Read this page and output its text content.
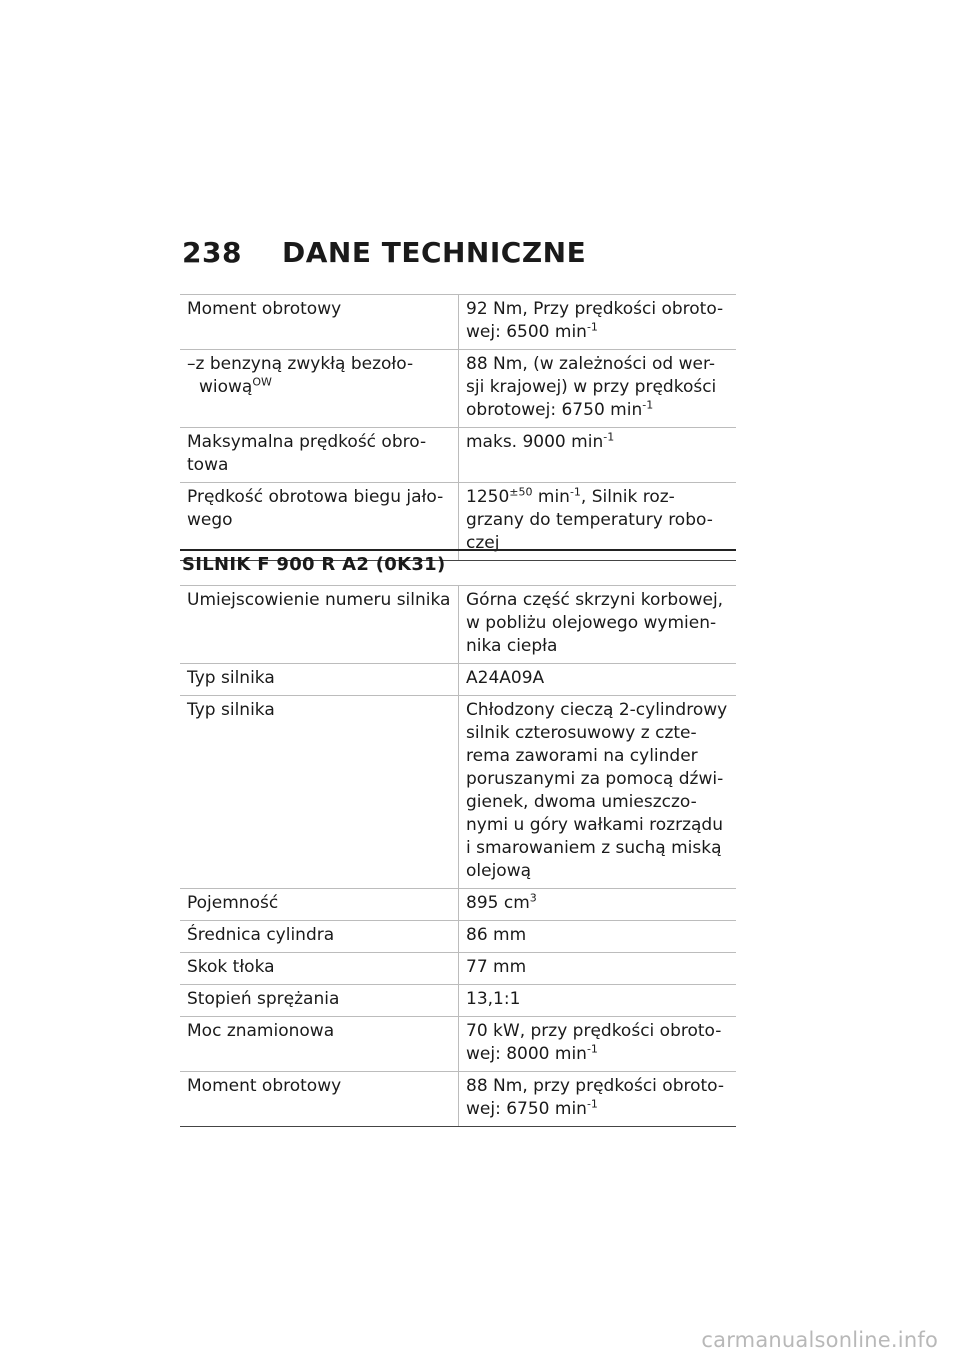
238	DANE TECHNICZNE
Moment obrotowy	92 Nm, Przy prędkości obroto-wej: 6500 $\min^{-1}$

–z benzyną zwykłą bezoło-wiową$^{OW}$	88 Nm, (w zależności od wer-sji krajowej) w przy prędkości obrotowej: 6750 $\min^{-1}$
Maksymalna prędkość obro-towa	maks. 9000 $\min^{-1}$
Prędkość obrotowa biegu jało-wego	$1250^{\pm 50}$ $\min^{-1}$, Silnik roz-grzany do temperatury robo-czej
SILNIK F 900 R A2 (0K31)
Umiejscowienie numeru silnika	Górna część skrzyni korbowej, w pobliżu olejowego wymien-nika ciepła
Typ silnika	A24A09A
Typ silnika	Chłodzony cieczą 2-cylindrowy silnik czterosuwowy z czte-rema zaworami na cylinder poruszanymi za pomocą dźwi-gienek, dwoma umieszczo-nymi u góry wałkami rozrządu i smarowaniem z suchą miską olejową
Pojemność	895 $cm^3$
Średnica cylindra	86 mm
Skok tłoka	77 mm
Stopień sprężania	13,1:1
Moc znamionowa	70 kW, przy prędkości obroto-wej: 8000 $\min^{-1}$
Moment obrotowy	88 Nm, przy prędkości obroto-wej: 6750 $\min^{-1}$
carmanualsonline.info
